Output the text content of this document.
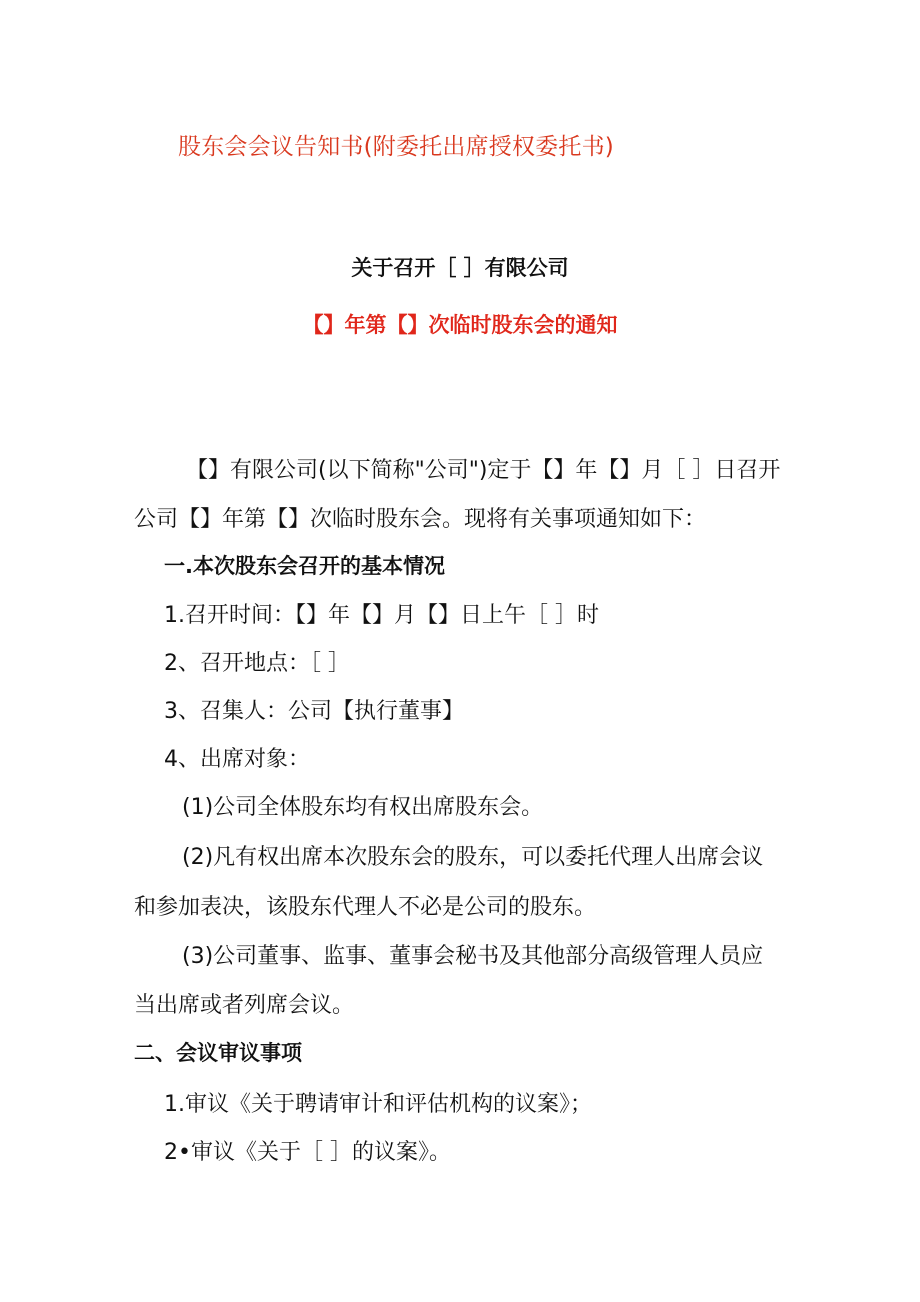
股东会会议告知书(附委托出席授权委托书)
关于召开［ ］有限公司
【】年第【】次临时股东会的通知
【】有限公司(以下简称"公司")定于【】年【】月［ ］日召开
公司【】年第【】次临时股东会。现将有关事项通知如下：
一.本次股东会召开的基本情况
1.召开时间：【】年【】月【】日上午［ ］时
2、召开地点：［ ］
3、召集人：公司【执行董事】
4、出席对象：
(1)公司全体股东均有权出席股东会。
(2)凡有权出席本次股东会的股东，可以委托代理人出席会议
和参加表决，该股东代理人不必是公司的股东。
(3)公司董事、监事、董事会秘书及其他部分高级管理人员应
当出席或者列席会议。
二、会议审议事项
1.审议《关于聘请审计和评估机构的议案》；
2•审议《关于［ ］的议案》。
